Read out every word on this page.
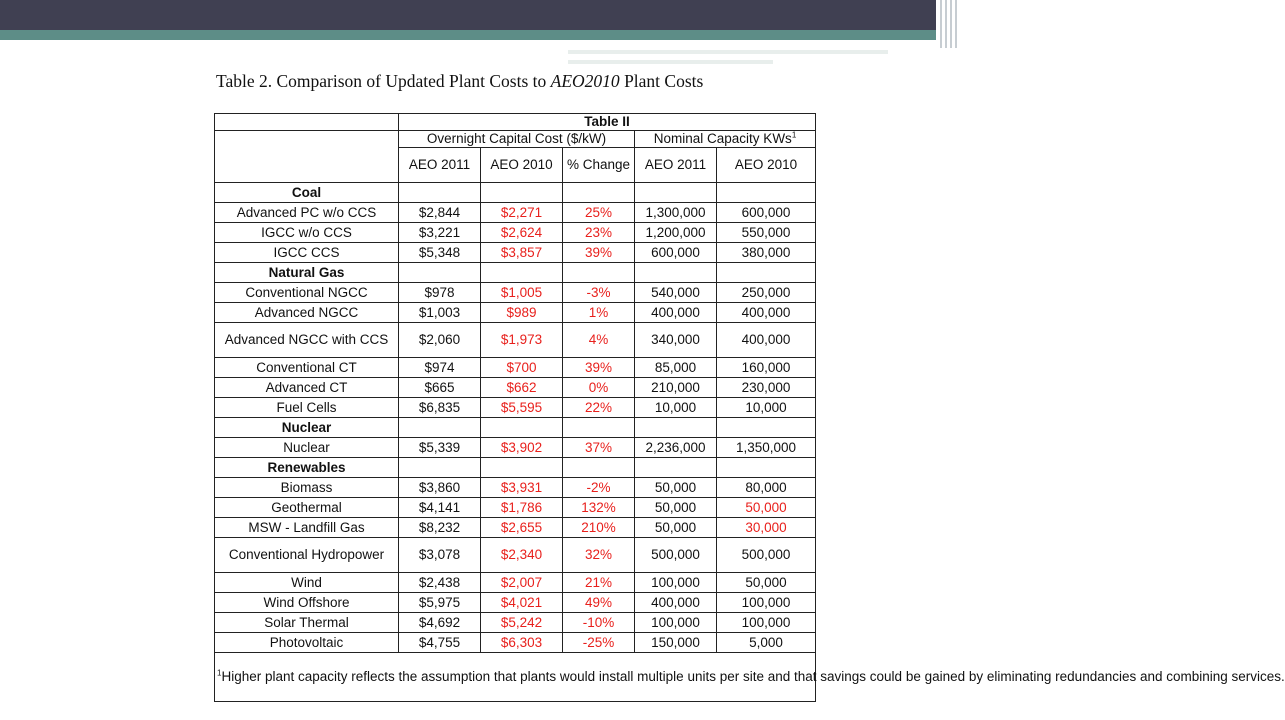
Table 2. Comparison of Updated Plant Costs to AEO2010 Plant Costs
	Table II				
	Overnight Capital Cost ($/kW)			Nominal Capacity KWs$^1$
	AEO 2011	AEO 2010	% Change	AEO 2011	AEO 2010
Coal					
Advanced PC w/o CCS	$2,844	$2,271	25%	1,300,000	600,000
IGCC w/o CCS	$3,221	$2,624	23%	1,200,000	550,000
IGCC CCS	$5,348	$3,857	39%	600,000	380,000
Natural Gas					
Conventional NGCC	$978	$1,005	-3%	540,000	250,000
Advanced NGCC	$1,003	$989	1%	400,000	400,000
Advanced NGCC with CCS	$2,060	$1,973	4%	340,000	400,000
Conventional CT	$974	$700	39%	85,000	160,000
Advanced CT	$665	$662	0%	210,000	230,000
Fuel Cells	$6,835	$5,595	22%	10,000	10,000
Nuclear					
Nuclear	$5,339	$3,902	37%	2,236,000	1,350,000
Renewables					
Biomass	$3,860	$3,931	-2%	50,000	80,000
Geothermal	$4,141	$1,786	132%	50,000	50,000
MSW - Landfill Gas	$8,232	$2,655	210%	50,000	30,000
Conventional Hydropower	$3,078	$2,340	32%	500,000	500,000
Wind	$2,438	$2,007	21%	100,000	50,000
Wind Offshore	$5,975	$4,021	49%	400,000	100,000
Solar Thermal	$4,692	$5,242	-10%	100,000	100,000
Photovoltaic	$4,755	$6,303	-25%	150,000	5,000
$^1$Higher plant capacity reflects the assumption that plants would install multiple units per site and that savings could be gained by eliminating redundancies and combining services.					
